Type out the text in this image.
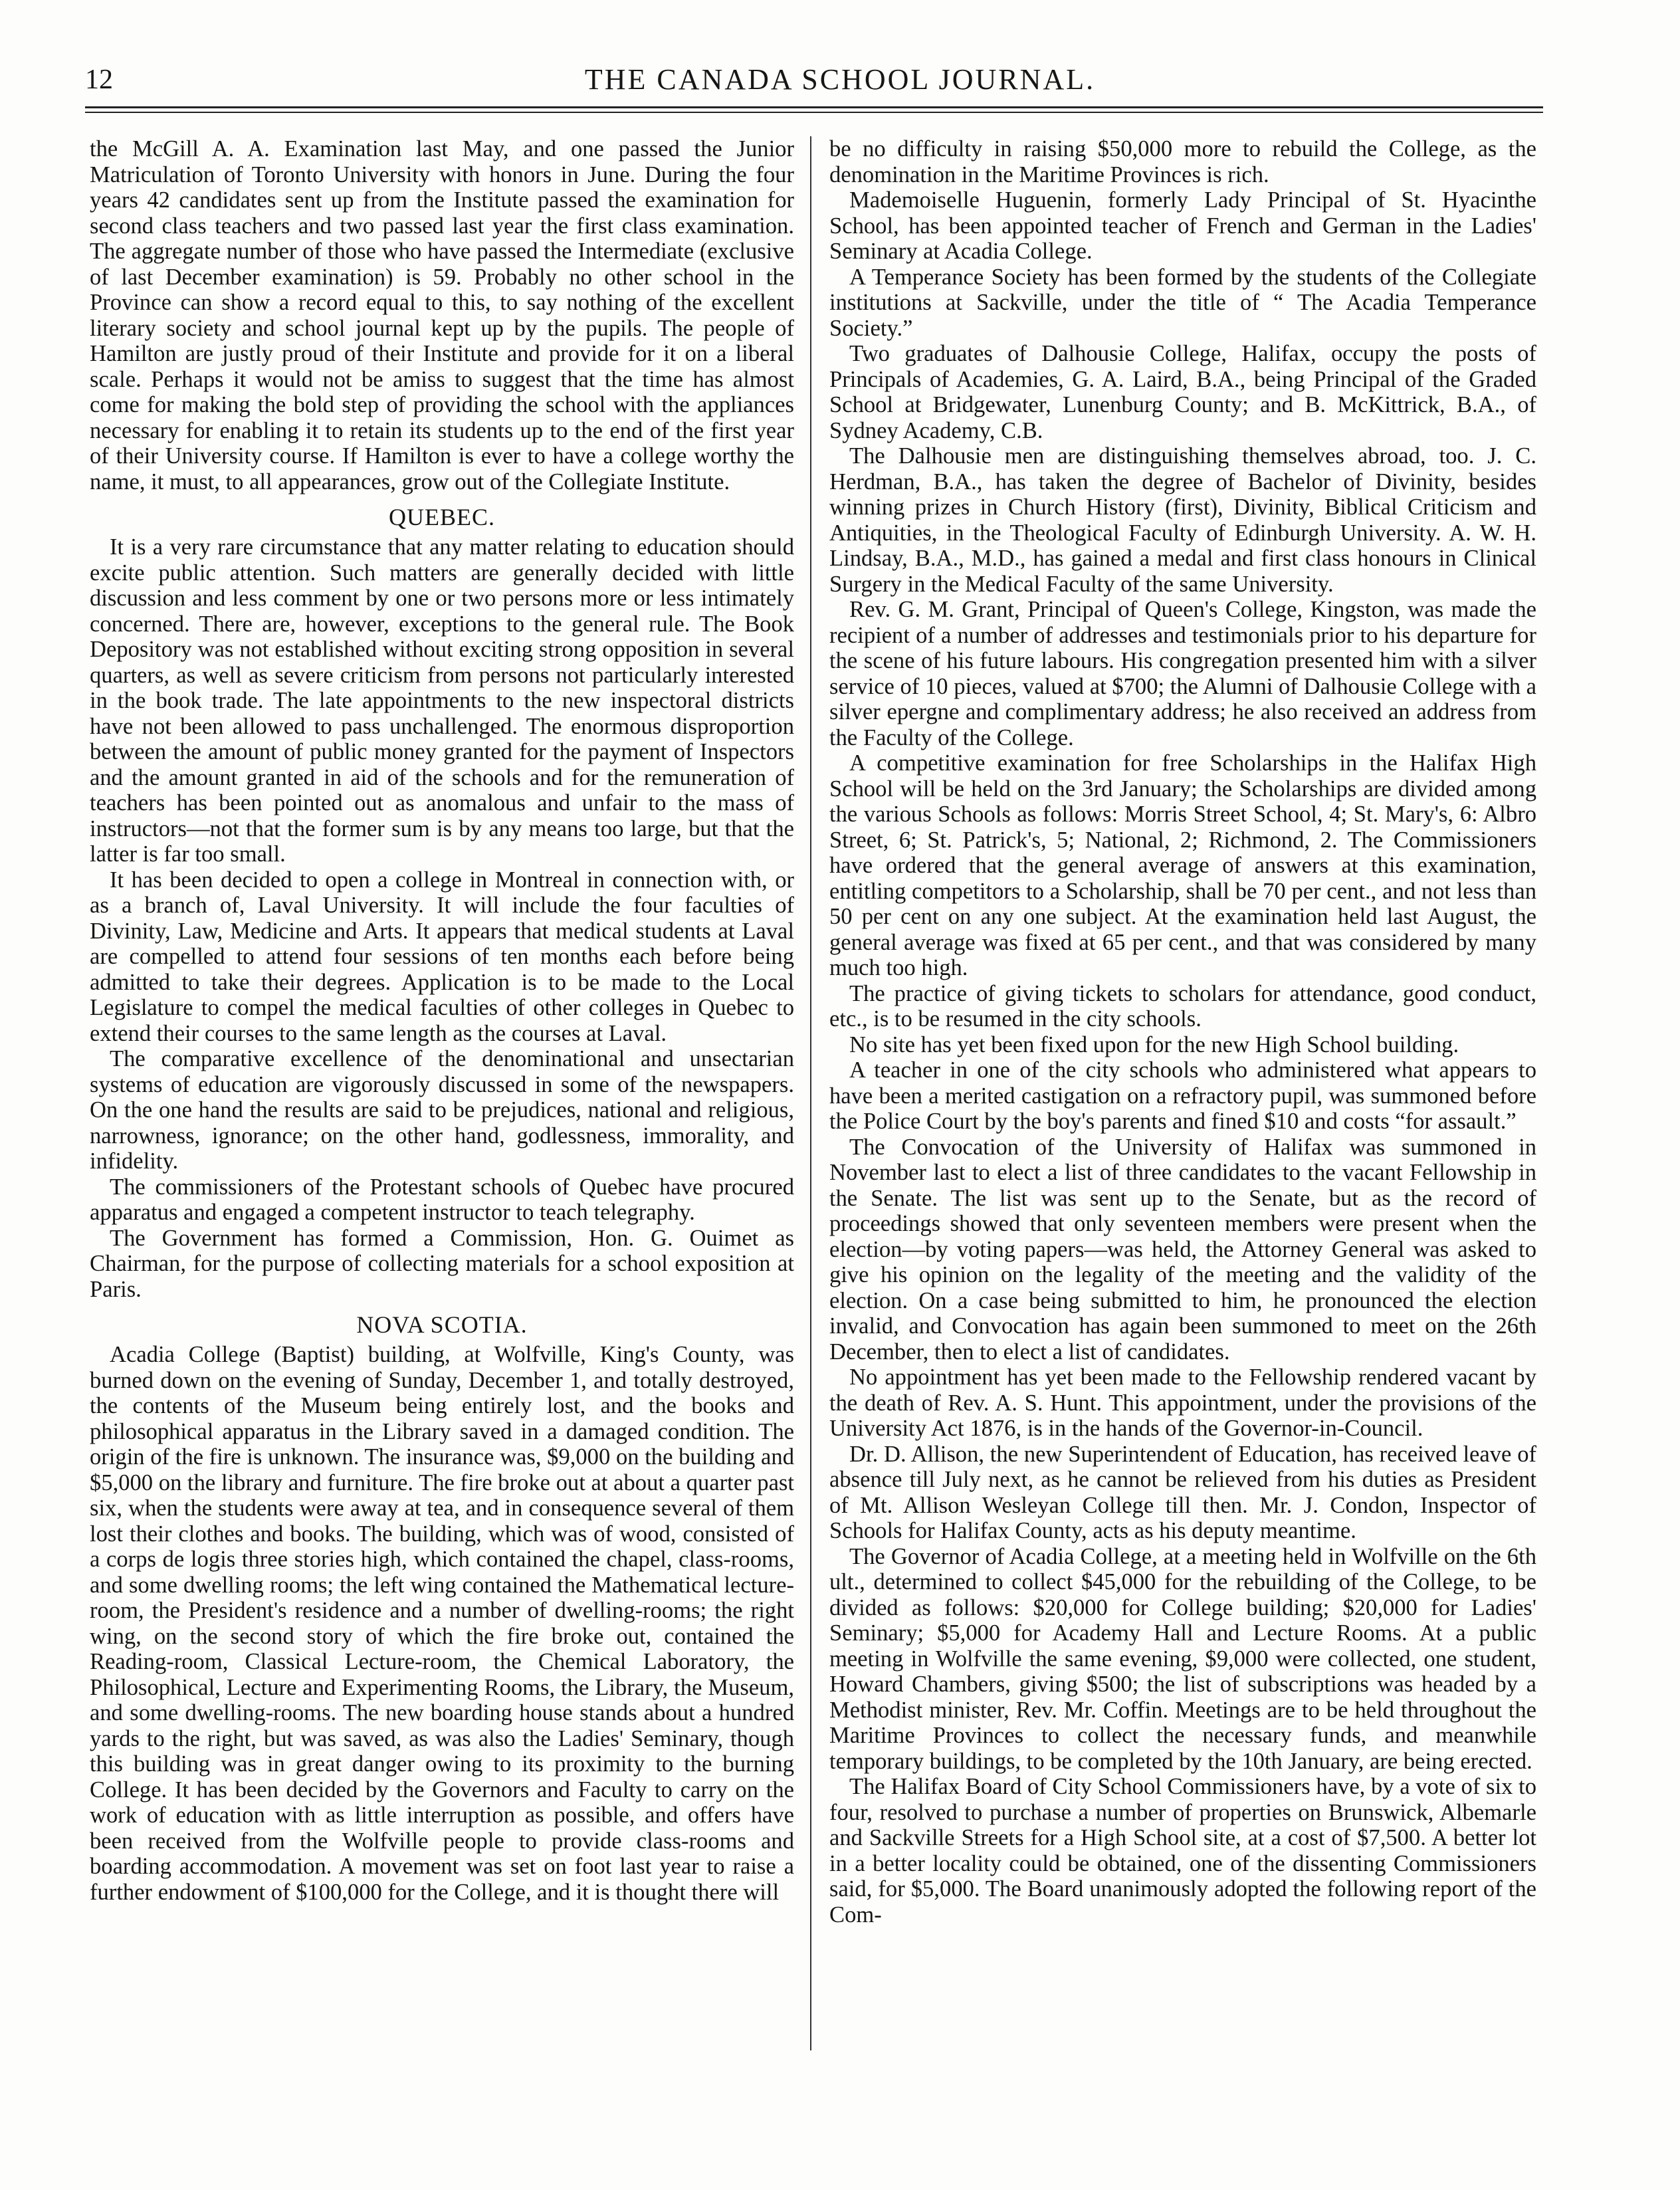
12	THE CANADA SCHOOL JOURNAL.

the McGill A. A. Examination last May, and one passed the Junior Matriculation of Toronto University with honors in June. During the four years 42 candidates sent up from the Institute passed the examination for second class teachers and two passed last year the first class examination. The aggregate number of those who have passed the Intermediate (exclusive of last December examination) is 59. Probably no other school in the Province can show a record equal to this, to say nothing of the excellent literary society and school journal kept up by the pupils. The people of Hamilton are justly proud of their Institute and provide for it on a liberal scale. Perhaps it would not be amiss to suggest that the time has almost come for making the bold step of providing the school with the appliances necessary for enabling it to retain its students up to the end of the first year of their University course. If Hamilton is ever to have a college worthy the name, it must, to all appearances, grow out of the Collegiate Institute.

QUEBEC.

It is a very rare circumstance that any matter relating to education should excite public attention. Such matters are generally decided with little discussion and less comment by one or two persons more or less intimately concerned. There are, however, exceptions to the general rule. The Book Depository was not established without exciting strong opposition in several quarters, as well as severe criticism from persons not particularly interested in the book trade. The late appointments to the new inspectoral districts have not been allowed to pass unchallenged. The enormous disproportion between the amount of public money granted for the payment of Inspectors and the amount granted in aid of the schools and for the remuneration of teachers has been pointed out as anomalous and unfair to the mass of instructors—not that the former sum is by any means too large, but that the latter is far too small.

It has been decided to open a college in Montreal in connection with, or as a branch of, Laval University. It will include the four faculties of Divinity, Law, Medicine and Arts. It appears that medical students at Laval are compelled to attend four sessions of ten months each before being admitted to take their degrees. Application is to be made to the Local Legislature to compel the medical faculties of other colleges in Quebec to extend their courses to the same length as the courses at Laval.

The comparative excellence of the denominational and unsectarian systems of education are vigorously discussed in some of the newspapers. On the one hand the results are said to be prejudices, national and religious, narrowness, ignorance; on the other hand, godlessness, immorality, and infidelity.

The commissioners of the Protestant schools of Quebec have procured apparatus and engaged a competent instructor to teach telegraphy.

The Government has formed a Commission, Hon. G. Ouimet as Chairman, for the purpose of collecting materials for a school exposition at Paris.

NOVA SCOTIA.

Acadia College (Baptist) building, at Wolfville, King's County, was burned down on the evening of Sunday, December 1, and totally destroyed, the contents of the Museum being entirely lost, and the books and philosophical apparatus in the Library saved in a damaged condition. The origin of the fire is unknown. The insurance was, $9,000 on the building and $5,000 on the library and furniture. The fire broke out at about a quarter past six, when the students were away at tea, and in consequence several of them lost their clothes and books. The building, which was of wood, consisted of a corps de logis three stories high, which contained the chapel, class-rooms, and some dwelling rooms; the left wing contained the Mathematical lecture-room, the President's residence and a number of dwelling-rooms; the right wing, on the second story of which the fire broke out, contained the Reading-room, Classical Lecture-room, the Chemical Laboratory, the Philosophical, Lecture and Experimenting Rooms, the Library, the Museum, and some dwelling-rooms. The new boarding house stands about a hundred yards to the right, but was saved, as was also the Ladies' Seminary, though this building was in great danger owing to its proximity to the burning College. It has been decided by the Governors and Faculty to carry on the work of education with as little interruption as possible, and offers have been received from the Wolfville people to provide class-rooms and boarding accommodation. A movement was set on foot last year to raise a further endowment of $100,000 for the College, and it is thought there will

be no difficulty in raising $50,000 more to rebuild the College, as the denomination in the Maritime Provinces is rich.

Mademoiselle Huguenin, formerly Lady Principal of St. Hyacinthe School, has been appointed teacher of French and German in the Ladies' Seminary at Acadia College.

A Temperance Society has been formed by the students of the Collegiate institutions at Sackville, under the title of “ The Acadia Temperance Society.”

Two graduates of Dalhousie College, Halifax, occupy the posts of Principals of Academies, G. A. Laird, B.A., being Principal of the Graded School at Bridgewater, Lunenburg County; and B. McKittrick, B.A., of Sydney Academy, C.B.

The Dalhousie men are distinguishing themselves abroad, too. J. C. Herdman, B.A., has taken the degree of Bachelor of Divinity, besides winning prizes in Church History (first), Divinity, Biblical Criticism and Antiquities, in the Theological Faculty of Edinburgh University. A. W. H. Lindsay, B.A., M.D., has gained a medal and first class honours in Clinical Surgery in the Medical Faculty of the same University.

Rev. G. M. Grant, Principal of Queen's College, Kingston, was made the recipient of a number of addresses and testimonials prior to his departure for the scene of his future labours. His congregation presented him with a silver service of 10 pieces, valued at $700; the Alumni of Dalhousie College with a silver epergne and complimentary address; he also received an address from the Faculty of the College.

A competitive examination for free Scholarships in the Halifax High School will be held on the 3rd January; the Scholarships are divided among the various Schools as follows: Morris Street School, 4; St. Mary's, 6: Albro Street, 6; St. Patrick's, 5; National, 2; Richmond, 2. The Commissioners have ordered that the general average of answers at this examination, entitling competitors to a Scholarship, shall be 70 per cent., and not less than 50 per cent on any one subject. At the examination held last August, the general average was fixed at 65 per cent., and that was considered by many much too high.

The practice of giving tickets to scholars for attendance, good conduct, etc., is to be resumed in the city schools.

No site has yet been fixed upon for the new High School building.

A teacher in one of the city schools who administered what appears to have been a merited castigation on a refractory pupil, was summoned before the Police Court by the boy's parents and fined $10 and costs “for assault.”

The Convocation of the University of Halifax was summoned in November last to elect a list of three candidates to the vacant Fellowship in the Senate. The list was sent up to the Senate, but as the record of proceedings showed that only seventeen members were present when the election—by voting papers—was held, the Attorney General was asked to give his opinion on the legality of the meeting and the validity of the election. On a case being submitted to him, he pronounced the election invalid, and Convocation has again been summoned to meet on the 26th December, then to elect a list of candidates.

No appointment has yet been made to the Fellowship rendered vacant by the death of Rev. A. S. Hunt. This appointment, under the provisions of the University Act 1876, is in the hands of the Governor-in-Council.

Dr. D. Allison, the new Superintendent of Education, has received leave of absence till July next, as he cannot be relieved from his duties as President of Mt. Allison Wesleyan College till then. Mr. J. Condon, Inspector of Schools for Halifax County, acts as his deputy meantime.

The Governor of Acadia College, at a meeting held in Wolfville on the 6th ult., determined to collect $45,000 for the rebuilding of the College, to be divided as follows: $20,000 for College building; $20,000 for Ladies' Seminary; $5,000 for Academy Hall and Lecture Rooms. At a public meeting in Wolfville the same evening, $9,000 were collected, one student, Howard Chambers, giving $500; the list of subscriptions was headed by a Methodist minister, Rev. Mr. Coffin. Meetings are to be held throughout the Maritime Provinces to collect the necessary funds, and meanwhile temporary buildings, to be completed by the 10th January, are being erected.

The Halifax Board of City School Commissioners have, by a vote of six to four, resolved to purchase a number of properties on Brunswick, Albemarle and Sackville Streets for a High School site, at a cost of $7,500. A better lot in a better locality could be obtained, one of the dissenting Commissioners said, for $5,000. The Board unanimously adopted the following report of the Com-
